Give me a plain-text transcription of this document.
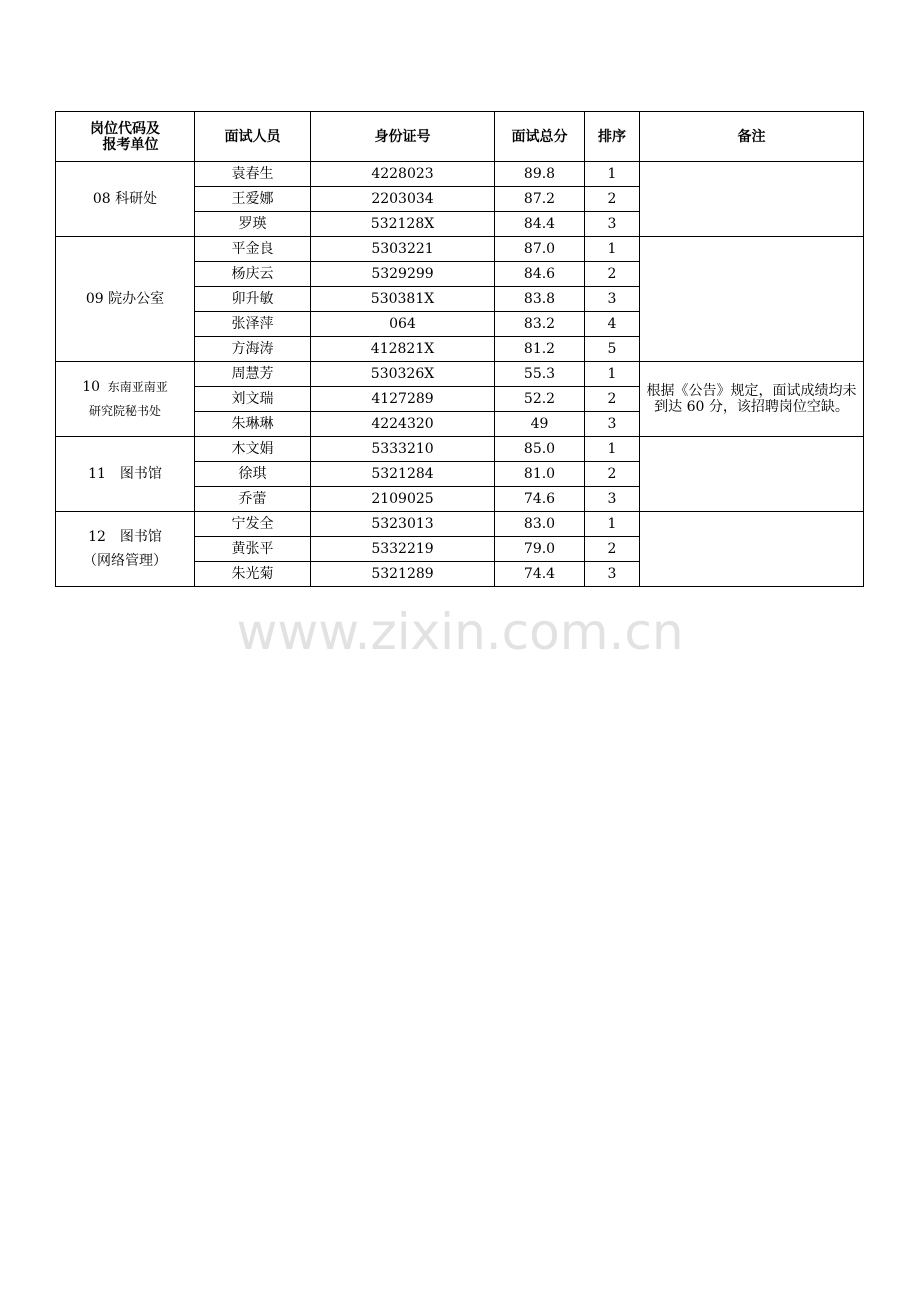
岗位代码及
报考单位	面试人员	身份证号	面试总分	排序	备注

08 科研处	袁春生	4228023	89.8	1	
	王爱娜	2203034	87.2	2	
	罗瑛	532128X	84.4	3	

09 院办公室	平金良	5303221	87.0	1	
	杨庆云	5329299	84.6	2	
	卯升敏	530381X	83.8	3	
	张泽萍	064	83.2	4	
	方海涛	412821X	81.2	5	

10 东南亚南亚
研究院秘书处	周慧芳	530326X	55.3	1	根据《公告》规定，面试成绩均未到达 60 分，该招聘岗位空缺。
	刘文瑞	4127289	52.2	2	
	朱琳琳	4224320	49	3	

11　图书馆	木文娟	5333210	85.0	1	
	徐琪	5321284	81.0	2	
	乔蕾	2109025	74.6	3	

12　图书馆
（网络管理）	宁发全	5323013	83.0	1	
	黄张平	5332219	79.0	2	
	朱光菊	5321289	74.4	3	
www.zixin.com.cn
